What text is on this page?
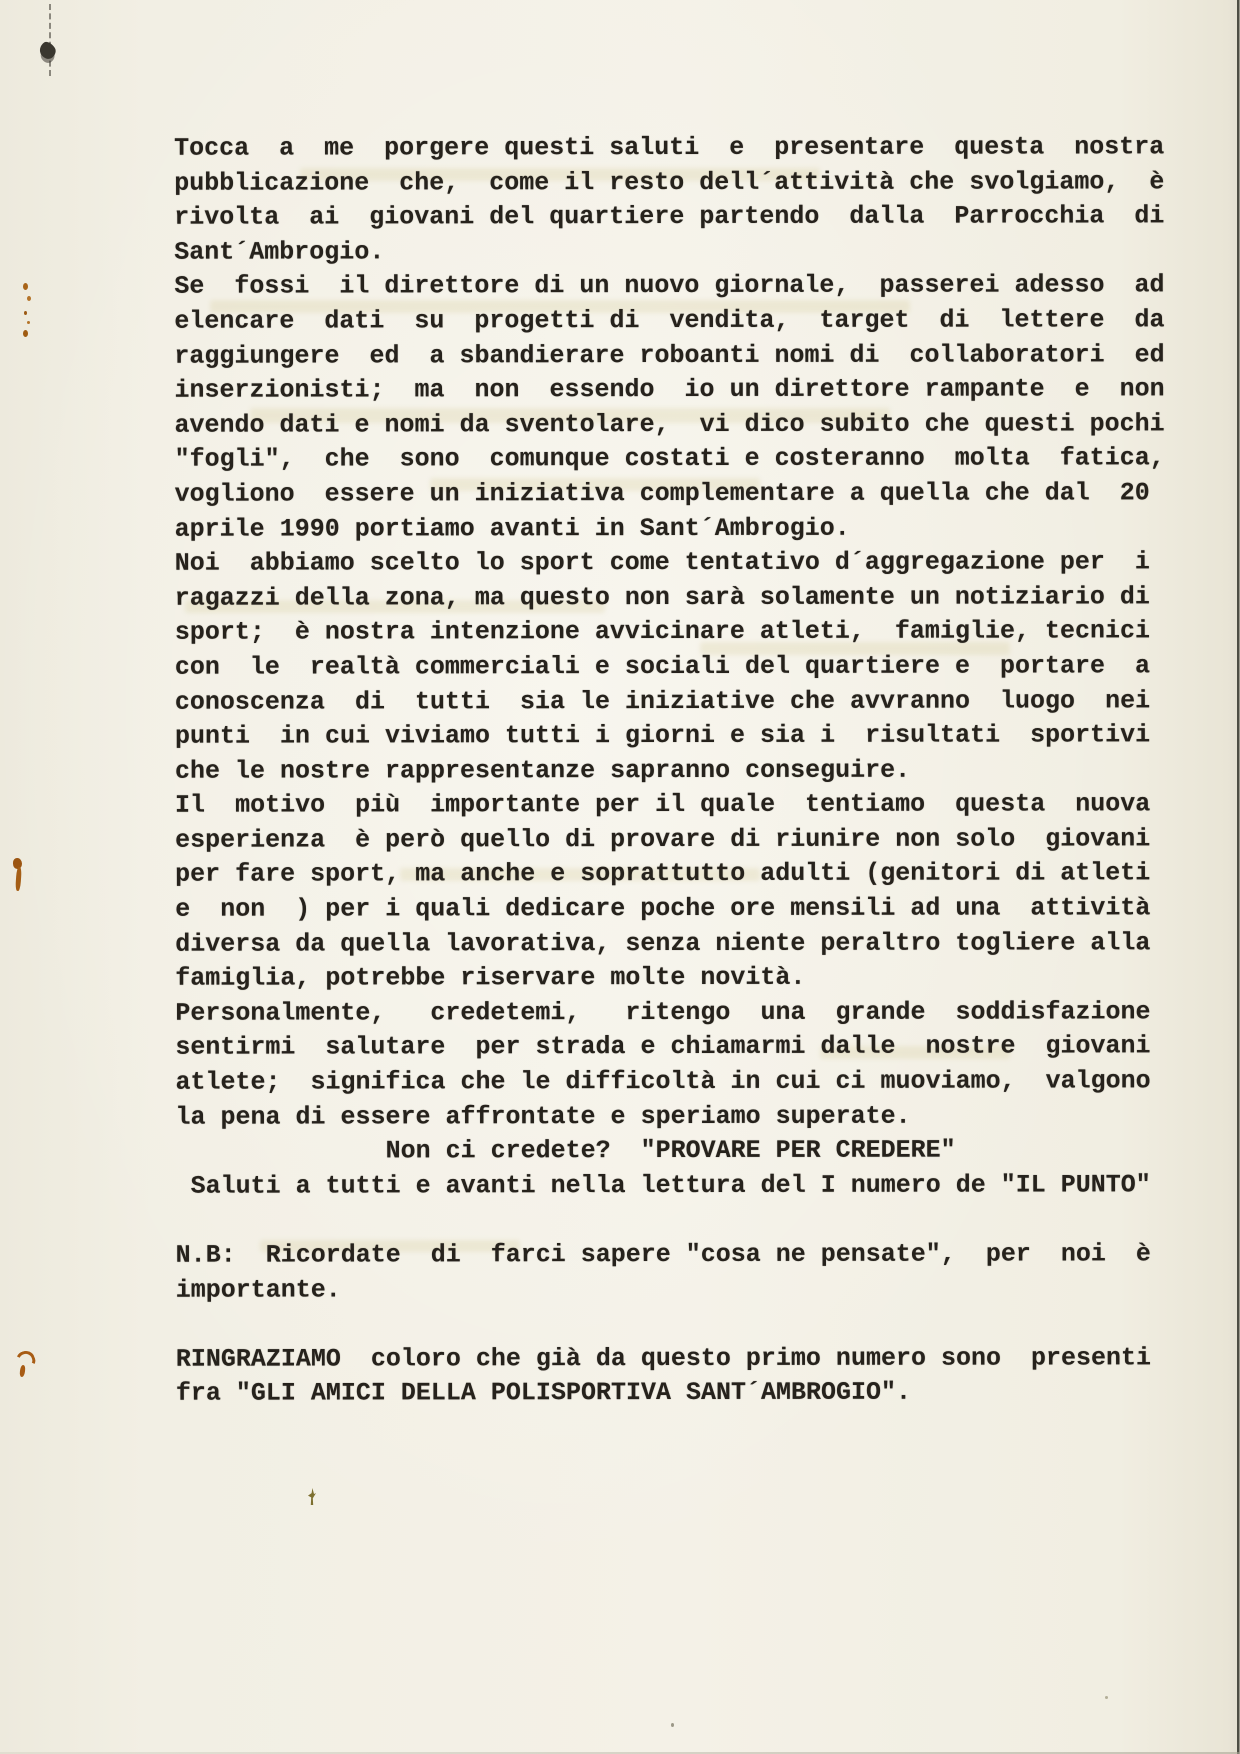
Tocca  a  me  porgere questi saluti  e  presentare  questa  nostra
pubblicazione  che,  come il resto dell´attività che svolgiamo,  è
rivolta  ai  giovani del quartiere partendo  dalla  Parrocchia  di
Sant´Ambrogio.
Se  fossi  il direttore di un nuovo giornale,  passerei adesso  ad
elencare  dati  su  progetti di  vendita,  target  di  lettere  da
raggiungere  ed  a sbandierare roboanti nomi di  collaboratori  ed
inserzionisti;  ma  non  essendo  io un direttore rampante  e  non
avendo dati e nomi da sventolare,  vi dico subito che questi pochi
"fogli",  che  sono  comunque costati e costeranno  molta  fatica,
vogliono  essere un iniziativa complementare a quella che dal  20
aprile 1990 portiamo avanti in Sant´Ambrogio.
Noi  abbiamo scelto lo sport come tentativo d´aggregazione per  i
ragazzi della zona, ma questo non sarà solamente un notiziario di
sport;  è nostra intenzione avvicinare atleti,  famiglie, tecnici
con  le  realtà commerciali e sociali del quartiere e  portare  a
conoscenza  di  tutti  sia le iniziative che avvranno  luogo  nei
punti  in cui viviamo tutti i giorni e sia i  risultati  sportivi
che le nostre rappresentanze sapranno conseguire.
Il  motivo  più  importante per il quale  tentiamo  questa  nuova
esperienza  è però quello di provare di riunire non solo  giovani
per fare sport, ma anche e soprattutto adulti (genitori di atleti
e  non  ) per i quali dedicare poche ore mensili ad una  attività
diversa da quella lavorativa, senza niente peraltro togliere alla
famiglia, potrebbe riservare molte novità.
Personalmente,   credetemi,   ritengo  una  grande  soddisfazione
sentirmi  salutare  per strada e chiamarmi dalle  nostre  giovani
atlete;  significa che le difficoltà in cui ci muoviamo,  valgono
la pena di essere affrontate e speriamo superate.
Non ci credete?  "PROVARE PER CREDERE"
Saluti a tutti e avanti nella lettura del I numero de "IL PUNTO"
N.B:  Ricordate  di  farci sapere "cosa ne pensate",  per  noi  è
importante.
RINGRAZIAMO  coloro che già da questo primo numero sono  presenti
fra "GLI AMICI DELLA POLISPORTIVA SANT´AMBROGIO".
